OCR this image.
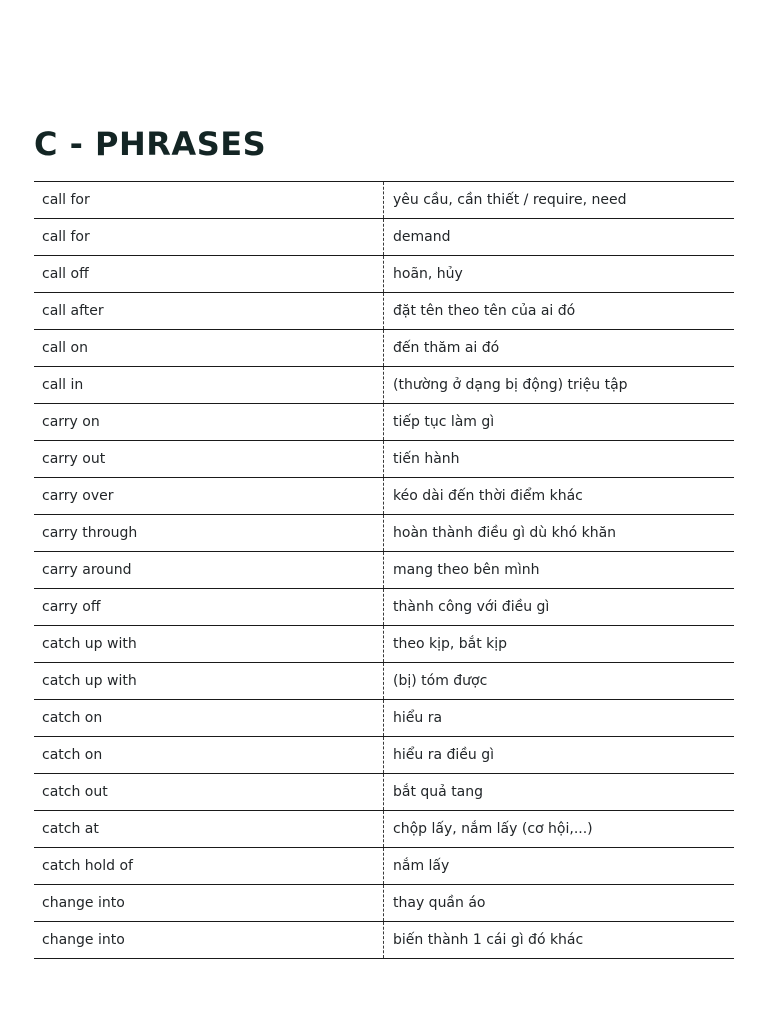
C - PHRASES
call for	yêu cầu, cần thiết / require, need
call for	demand
call off	hoãn, hủy
call after	đặt tên theo tên của ai đó
call on	đến thăm ai đó
call in	(thường ở dạng bị động) triệu tập
carry on	tiếp tục làm gì
carry out	tiến hành
carry over	kéo dài đến thời điểm khác
carry through	hoàn thành điều gì dù khó khăn
carry around	mang theo bên mình
carry off	thành công với điều gì
catch up with	theo kịp, bắt kịp
catch up with	(bị) tóm được
catch on	hiểu ra
catch on	hiểu ra điều gì
catch out	bắt quả tang
catch at	chộp lấy, nắm lấy (cơ hội,...)
catch hold of	nắm lấy
change into	thay quần áo
change into	biến thành 1 cái gì đó khác
